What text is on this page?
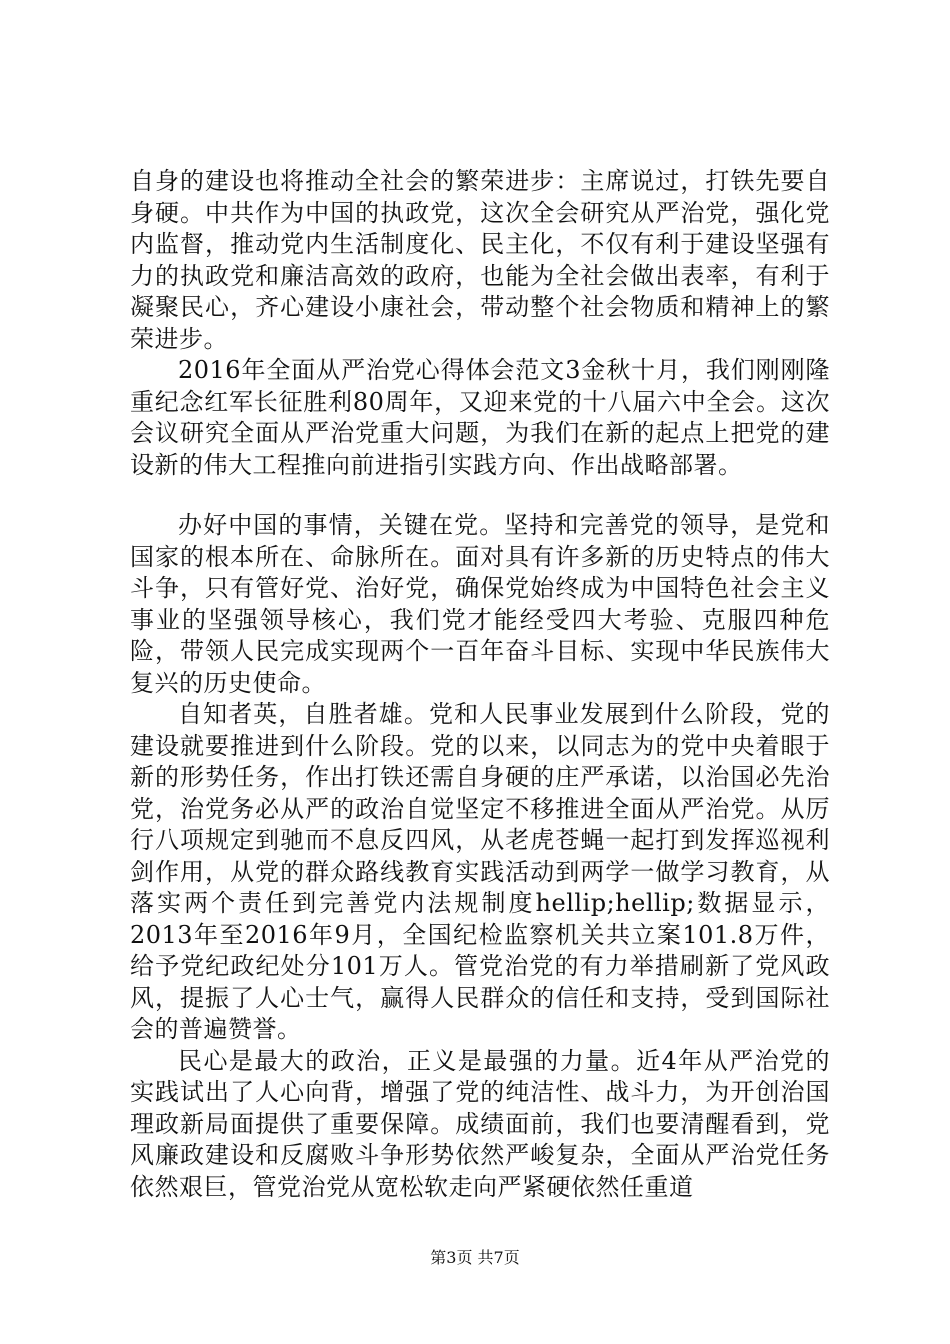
自身的建设也将推动全社会的繁荣进步：主席说过，打铁先要自身硬。中共作为中国的执政党，这次全会研究从严治党，强化党内监督，推动党内生活制度化、民主化，不仅有利于建设坚强有力的执政党和廉洁高效的政府，也能为全社会做出表率，有利于凝聚民心，齐心建设小康社会，带动整个社会物质和精神上的繁荣进步。

2016年全面从严治党心得体会范文3金秋十月，我们刚刚隆重纪念红军长征胜利80周年，又迎来党的十八届六中全会。这次会议研究全面从严治党重大问题，为我们在新的起点上把党的建设新的伟大工程推向前进指引实践方向、作出战略部署。

办好中国的事情，关键在党。坚持和完善党的领导，是党和国家的根本所在、命脉所在。面对具有许多新的历史特点的伟大斗争，只有管好党、治好党，确保党始终成为中国特色社会主义事业的坚强领导核心，我们党才能经受四大考验、克服四种危险，带领人民完成实现两个一百年奋斗目标、实现中华民族伟大复兴的历史使命。

自知者英，自胜者雄。党和人民事业发展到什么阶段，党的建设就要推进到什么阶段。党的以来，以同志为的党中央着眼于新的形势任务，作出打铁还需自身硬的庄严承诺，以治国必先治党，治党务必从严的政治自觉坚定不移推进全面从严治党。从厉行八项规定到驰而不息反四风，从老虎苍蝇一起打到发挥巡视利剑作用，从党的群众路线教育实践活动到两学一做学习教育，从落实两个责任到完善党内法规制度hellip;hellip;数据显示，2013年至2016年9月，全国纪检监察机关共立案101.8万件，给予党纪政纪处分101万人。管党治党的有力举措刷新了党风政风，提振了人心士气，赢得人民群众的信任和支持，受到国际社会的普遍赞誉。

民心是最大的政治，正义是最强的力量。近4年从严治党的实践试出了人心向背，增强了党的纯洁性、战斗力，为开创治国理政新局面提供了重要保障。成绩面前，我们也要清醒看到，党风廉政建设和反腐败斗争形势依然严峻复杂，全面从严治党任务依然艰巨，管党治党从宽松软走向严紧硬依然任重道

第3页 共7页
